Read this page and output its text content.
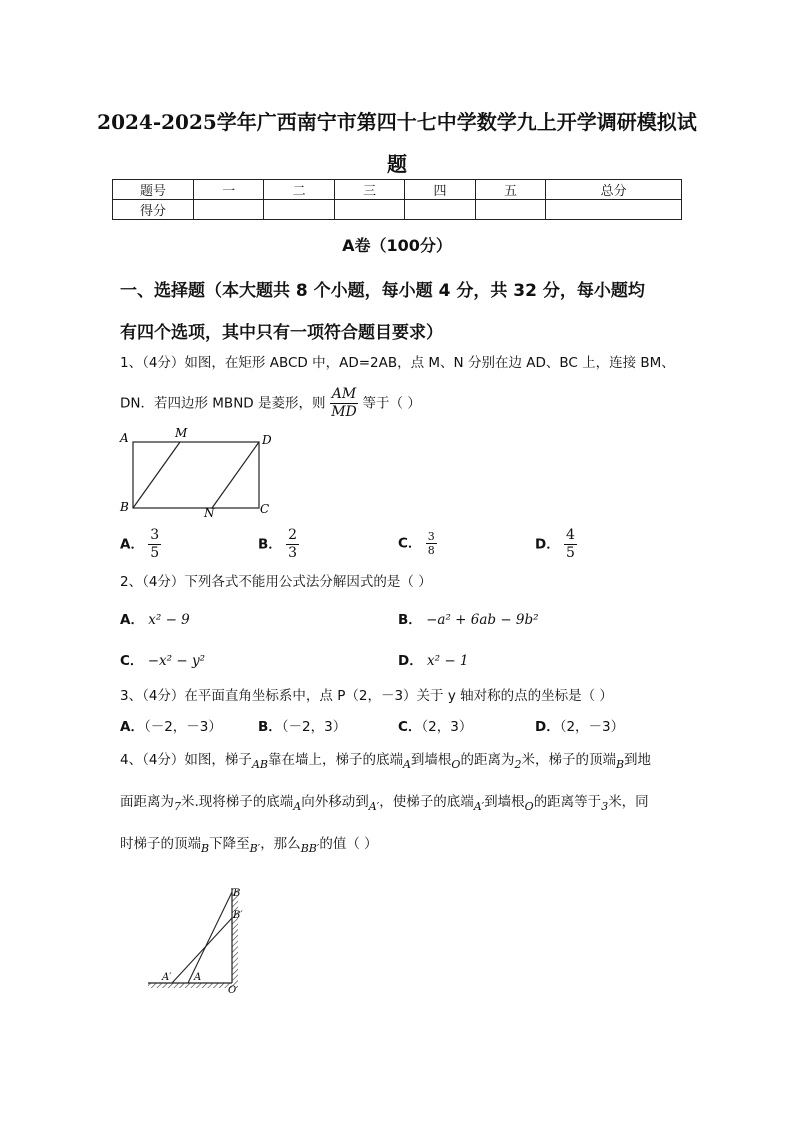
2024-2025学年广西南宁市第四十七中学数学九上开学调研模拟试
题
题号	一	二	三	四	五	总分
得分						
A卷（100分）
一、选择题（本大题共 8 个小题，每小题 4 分，共 32 分，每小题均
有四个选项，其中只有一项符合题目要求）
1、（4分）如图，在矩形 ABCD 中，AD=2AB，点 M、N 分别在边 AD、BC 上，连接 BM、
DN．若四边形 MBND 是菱形，则 $\frac{AM}{MD}$ 等于（ ）
A	M	D
B	N	C
A． $\frac{3}{5}$	B． $\frac{2}{3}$	C． $\frac{3}{8}$	D． $\frac{4}{5}$
2、（4分）下列各式不能用公式法分解因式的是（ ）
A． x² − 9	B． −a² + 6ab − 9b²
C． −x² − y²	D． x² − 1
3、（4分）在平面直角坐标系中，点 P（2，－3）关于 y 轴对称的点的坐标是（ ）
A．（－2，－3）	B．（－2，3）	C．（2，3）	D．（2，－3）
4、（4分）如图，梯子$_{AB}$靠在墙上，梯子的底端$_A$到墙根$_O$的距离为$_2$米，梯子的顶端$_B$到地
面距离为$_7$米.现将梯子的底端$_A$向外移动到$_{A'}$，使梯子的底端$_{A'}$到墙根$_O$的距离等于$_3$米，同
时梯子的顶端$_B$下降至$_{B'}$，那么$_{BB'}$的值（ ）
B
B′
A′ A
O
